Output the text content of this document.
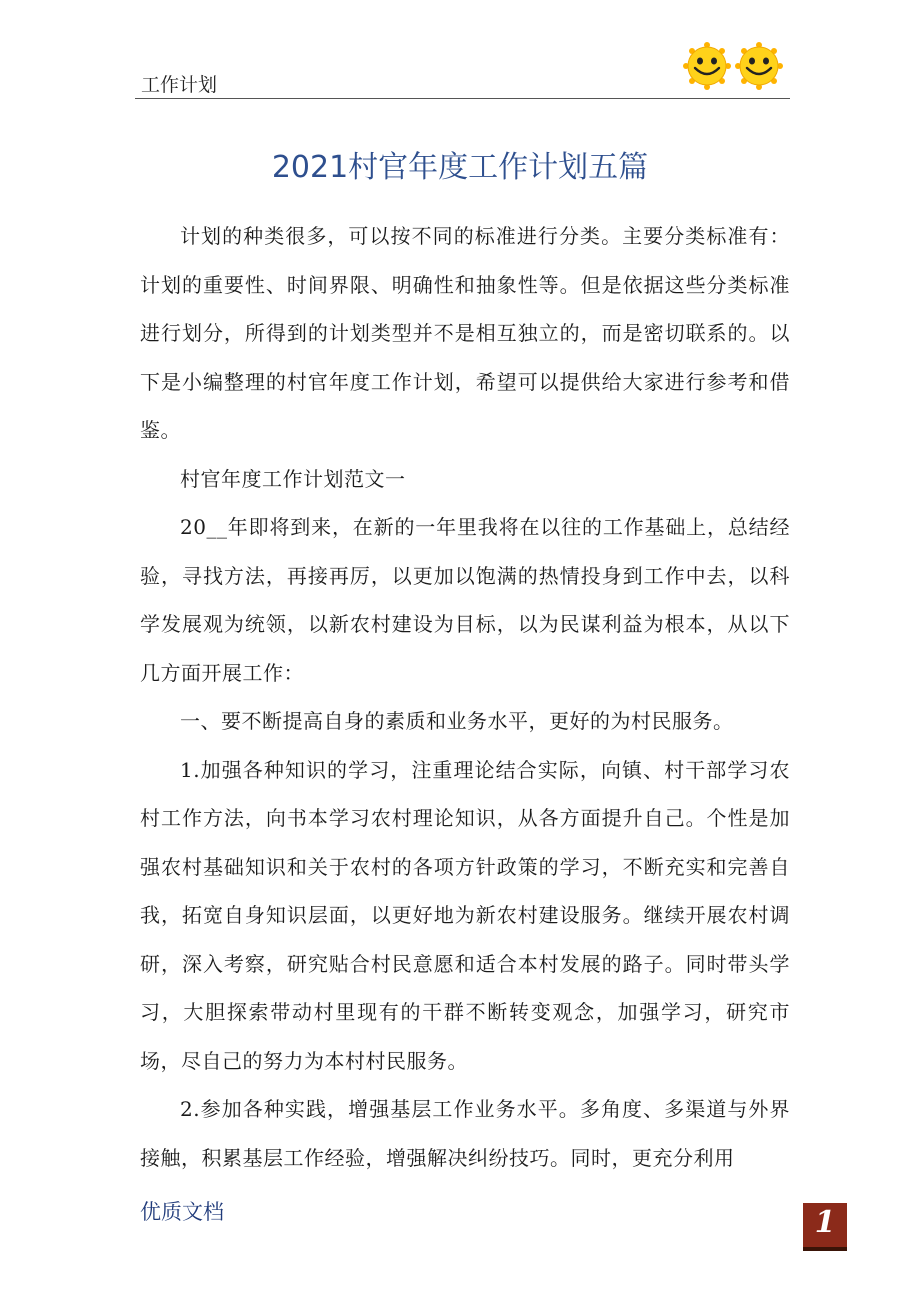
工作计划
2021村官年度工作计划五篇

计划的种类很多，可以按不同的标准进行分类。主要分类标准有：计划的重要性、时间界限、明确性和抽象性等。但是依据这些分类标准进行划分，所得到的计划类型并不是相互独立的，而是密切联系的。以下是小编整理的村官年度工作计划，希望可以提供给大家进行参考和借鉴。

村官年度工作计划范文一

20__年即将到来，在新的一年里我将在以往的工作基础上，总结经验，寻找方法，再接再厉，以更加以饱满的热情投身到工作中去，以科学发展观为统领，以新农村建设为目标，以为民谋利益为根本，从以下几方面开展工作：

一、要不断提高自身的素质和业务水平，更好的为村民服务。

1.加强各种知识的学习，注重理论结合实际，向镇、村干部学习农村工作方法，向书本学习农村理论知识，从各方面提升自己。个性是加强农村基础知识和关于农村的各项方针政策的学习，不断充实和完善自我，拓宽自身知识层面，以更好地为新农村建设服务。继续开展农村调研，深入考察，研究贴合村民意愿和适合本村发展的路子。同时带头学习，大胆探索带动村里现有的干群不断转变观念，加强学习，研究市场，尽自己的努力为本村村民服务。

2.参加各种实践，增强基层工作业务水平。多角度、多渠道与外界接触，积累基层工作经验，增强解决纠纷技巧。同时，更充分利用

优质文档	1
